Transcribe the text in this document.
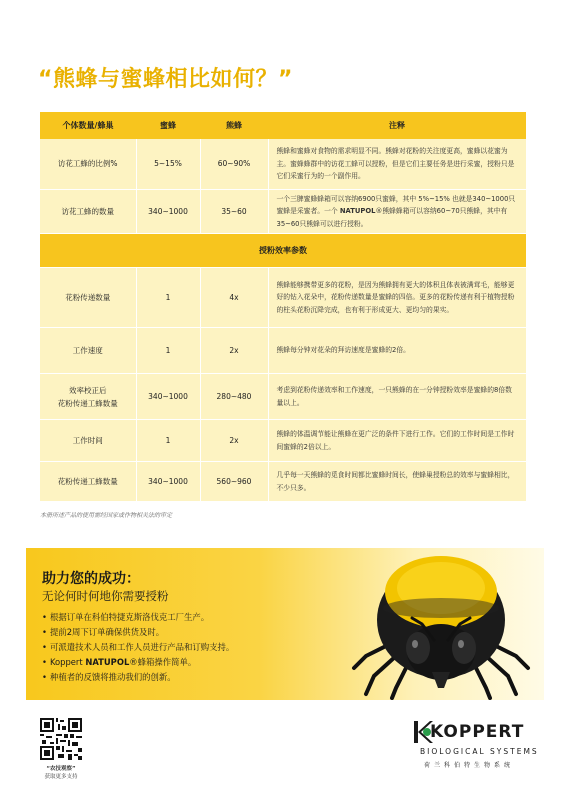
“熊蜂与蜜蜂相比如何？”
个体数量/蜂巢	蜜蜂	熊蜂	注释
访花工蜂的比例%	5~15%	60~90%	熊蜂和蜜蜂对食物的需求明显不同。熊蜂对花粉的关注度更高，蜜蜂以花蜜为主。蜜蜂蜂群中的访花工蜂可以授粉，但是它们主要任务是进行采蜜，授粉只是它们采蜜行为的一个副作用。
访花工蜂的数量	340~1000	35~60	一个三脾蜜蜂蜂箱可以容纳6900只蜜蜂，其中 5%~15% 也就是340~1000只蜜蜂是采蜜者。一个 NATUPOL®熊蜂蜂箱可以容纳60~70只熊蜂，其中有35~60只熊蜂可以进行授粉。
授粉效率参数			
花粉传递数量	1	4x	熊蜂能够携带更多的花粉，是因为熊蜂拥有更大的体积且体表被满茸毛，能够更好的钻入花朵中，花粉传递数量是蜜蜂的四倍。更多的花粉传递有利于植物授粉的柱头花粉沉降完成，也有利于形成更大、更均匀的果实。
工作速度	1	2x	熊蜂每分钟对花朵的拜访速度是蜜蜂的2倍。

效率校正后
花粉传递工蜂数量	340~1000	280~480	考虑到花粉传递效率和工作速度，一只熊蜂的在一分钟授粉效率是蜜蜂的8倍数量以上。
工作时间	1	2x	熊蜂的体温调节能让熊蜂在更广泛的条件下进行工作。它们的工作时间是工作时间蜜蜂的2倍以上。
花粉传递工蜂数量	340~1000	560~960	几乎每一天熊蜂的觅食时间都比蜜蜂时间长，使蜂巢授粉总的效率与蜜蜂相比，不少只多。
本册所述产品的使用需经国家或作物相关法的审定
助力您的成功：
无论何时何地你需要授粉
• 根据订单在科伯特捷克斯洛伐克工厂生产。
• 提前2周下订单确保供货及时。
• 可派遣技术人员和工作人员进行产品和订购支持。
• Koppert NATUPOL®蜂箱操作简单。
• 种植者的反馈将推动我们的创新。
“农技观察”
获取更多支持
KOPPERT
BIOLOGICAL SYSTEMS
荷兰科伯特生物系统
